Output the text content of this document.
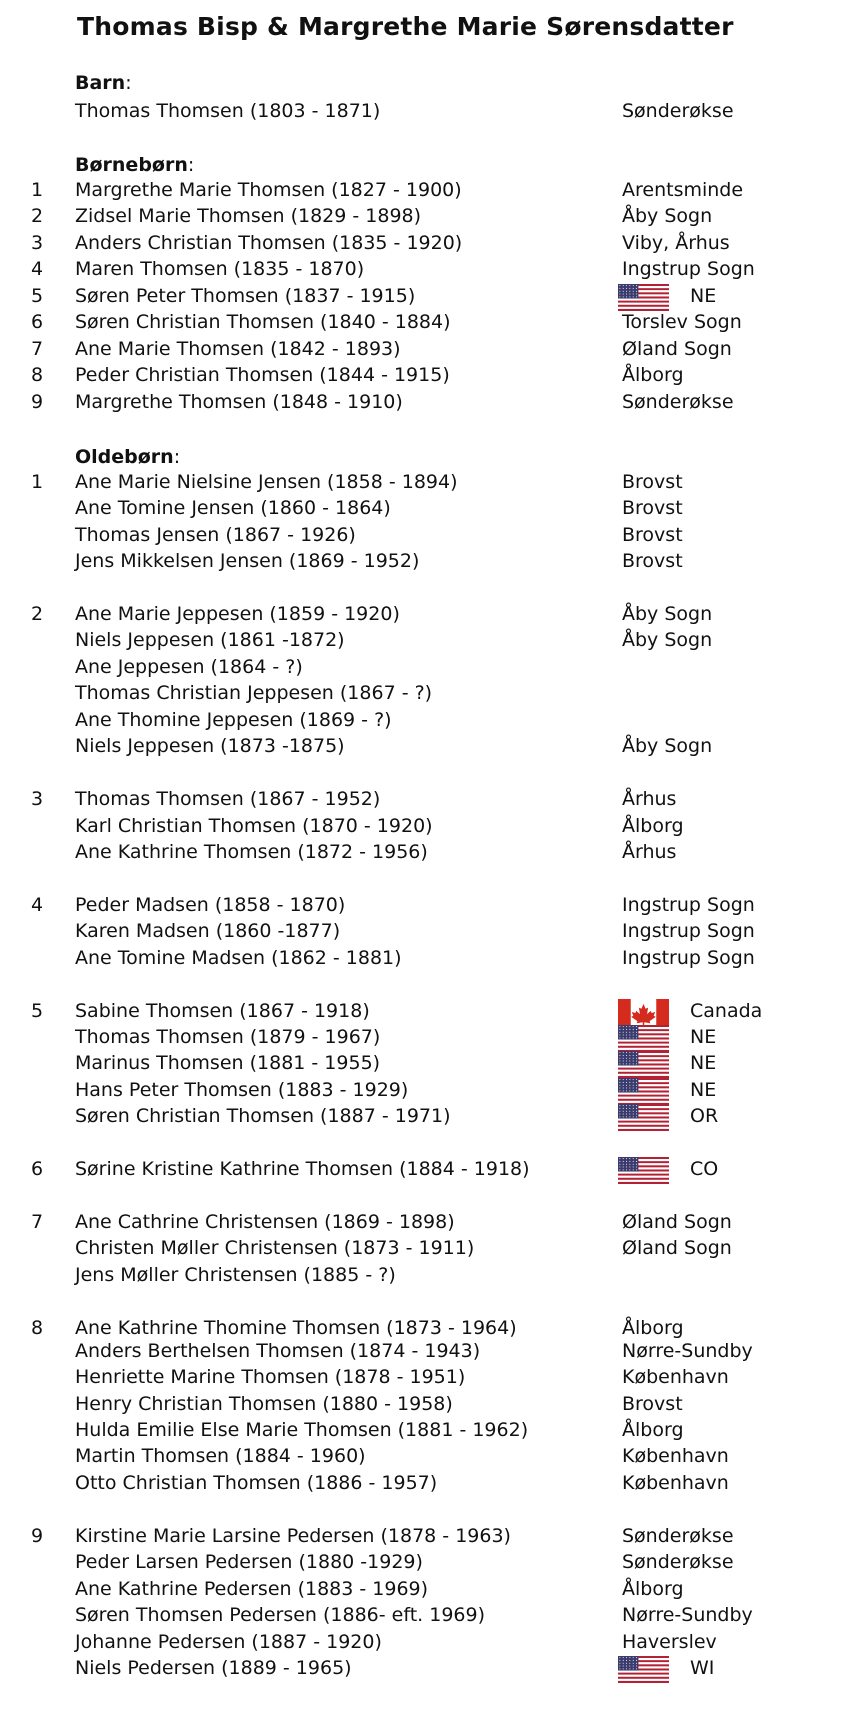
Thomas Bisp & Margrethe Marie Sørensdatter
Barn:
Børnebørn:
Oldebørn:
Thomas Thomsen (1803 - 1871)	Sønderøkse
1 Margrethe Marie Thomsen (1827 - 1900)	Arentsminde
2 Zidsel Marie Thomsen (1829 - 1898)	Åby Sogn
3 Anders Christian Thomsen (1835 - 1920)	Viby, Århus
4 Maren Thomsen (1835 - 1870)	Ingstrup Sogn
5 Søren Peter Thomsen (1837 - 1915)	NE
6 Søren Christian Thomsen (1840 - 1884)	Torslev Sogn
7 Ane Marie Thomsen (1842 - 1893)	Øland Sogn
8 Peder Christian Thomsen (1844 - 1915)	Ålborg
9 Margrethe Thomsen (1848 - 1910)	Sønderøkse
1 Ane Marie Nielsine Jensen (1858 - 1894)	Brovst
Ane Tomine Jensen (1860 - 1864)	Brovst
Thomas Jensen (1867 - 1926)	Brovst
Jens Mikkelsen Jensen (1869 - 1952)	Brovst
2 Ane Marie Jeppesen (1859 - 1920)	Åby Sogn
Niels Jeppesen (1861 -1872)	Åby Sogn
Ane Jeppesen (1864 - ?)
Thomas Christian Jeppesen (1867 - ?)
Ane Thomine Jeppesen (1869 - ?)
Niels Jeppesen (1873 -1875)	Åby Sogn
3 Thomas Thomsen (1867 - 1952)	Århus
Karl Christian Thomsen (1870 - 1920)	Ålborg
Ane Kathrine Thomsen (1872 - 1956)	Århus
4 Peder Madsen (1858 - 1870)	Ingstrup Sogn
Karen Madsen (1860 -1877)	Ingstrup Sogn
Ane Tomine Madsen (1862 - 1881)	Ingstrup Sogn
5 Sabine Thomsen (1867 - 1918)	Canada
Thomas Thomsen (1879 - 1967)	NE
Marinus Thomsen (1881 - 1955)	NE
Hans Peter Thomsen (1883 - 1929)	NE
Søren Christian Thomsen (1887 - 1971)	OR
6 Sørine Kristine Kathrine Thomsen (1884 - 1918)	CO
7 Ane Cathrine Christensen (1869 - 1898)	Øland Sogn
Christen Møller Christensen (1873 - 1911)	Øland Sogn
Jens Møller Christensen (1885 - ?)
8 Ane Kathrine Thomine Thomsen (1873 - 1964)	Ålborg
Anders Berthelsen Thomsen (1874 - 1943)	Nørre-Sundby
Henriette Marine Thomsen (1878 - 1951)	København
Henry Christian Thomsen (1880 - 1958)	Brovst
Hulda Emilie Else Marie Thomsen (1881 - 1962)	Ålborg
Martin Thomsen (1884 - 1960)	København
Otto Christian Thomsen (1886 - 1957)	København
9 Kirstine Marie Larsine Pedersen (1878 - 1963)	Sønderøkse
Peder Larsen Pedersen (1880 -1929)	Sønderøkse
Ane Kathrine Pedersen (1883 - 1969)	Ålborg
Søren Thomsen Pedersen (1886- eft. 1969)	Nørre-Sundby
Johanne Pedersen (1887 - 1920)	Haverslev
Niels Pedersen (1889 - 1965)	WI
